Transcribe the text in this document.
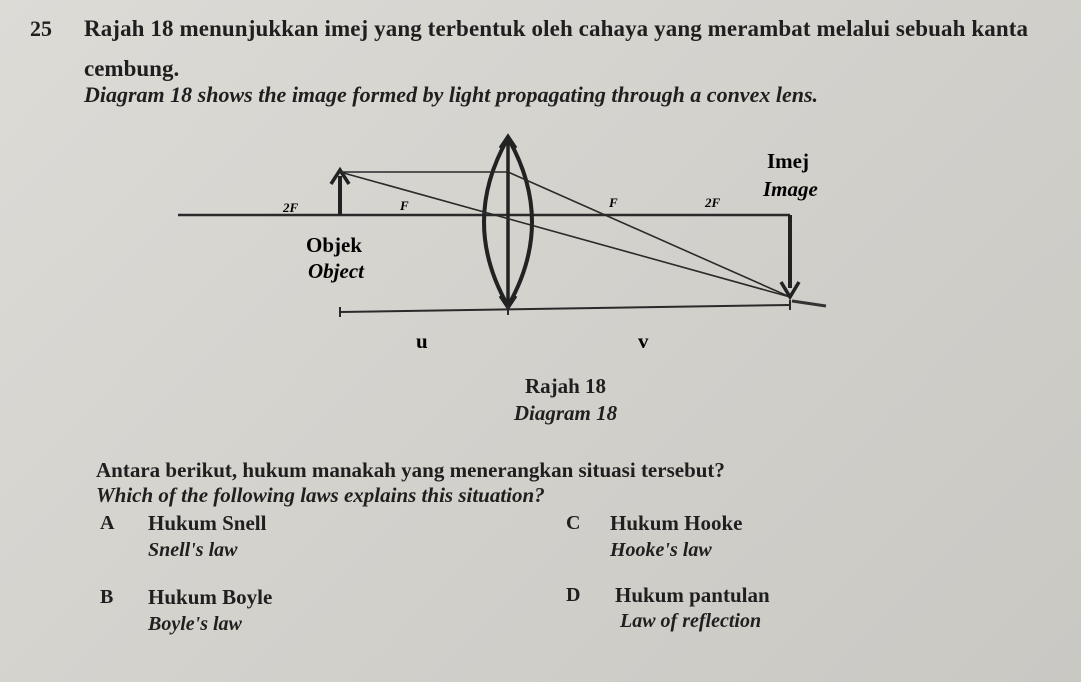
25 Rajah 18 menunjukkan imej yang terbentuk oleh cahaya yang merambat melalui sebuah kanta
cembung.
Diagram 18 shows the image formed by light propagating through a convex lens.
2F	F	F	2F
Objek
Object
Imej
Image
u	v
Rajah 18
Diagram 18
Antara berikut, hukum manakah yang menerangkan situasi tersebut?
Which of the following laws explains this situation?
A Hukum Snell
Snell's law
B Hukum Boyle
Boyle's law
C Hukum Hooke
Hooke's law
D Hukum pantulan
Law of reflection
